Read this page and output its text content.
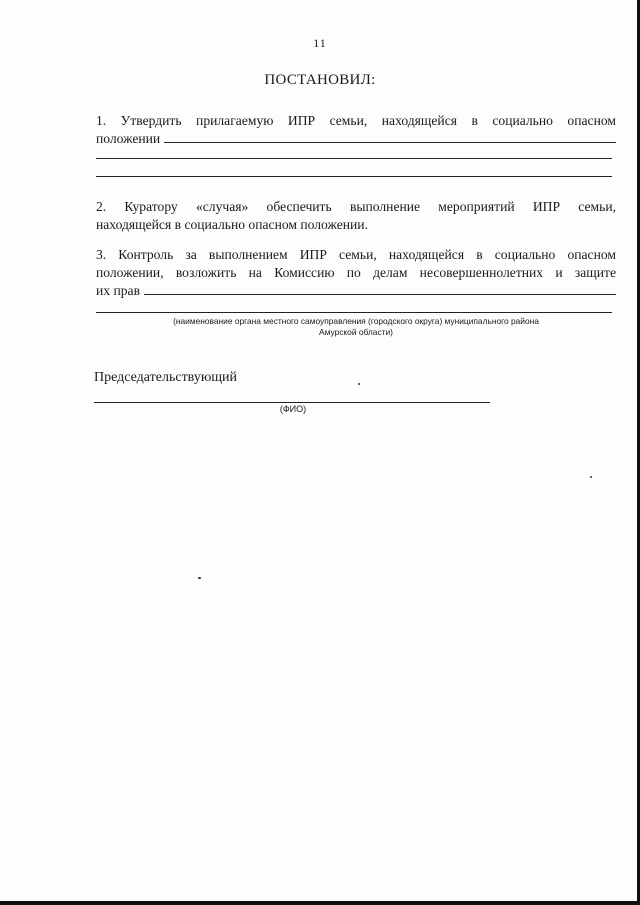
11
ПОСТАНОВИЛ:
1. Утвердить прилагаемую ИПР семьи, находящейся в социально опасном
положении
2. Куратору «случая» обеспечить выполнение мероприятий ИПР семьи,
находящейся в социально опасном положении.
3. Контроль за выполнением ИПР семьи, находящейся в социально опасном
положении, возложить на Комиссию по делам несовершеннолетних и защите
их прав
(наименование органа местного самоуправления (городского округа) муниципального района
Амурской области)
Председательствующий
(ФИО)
